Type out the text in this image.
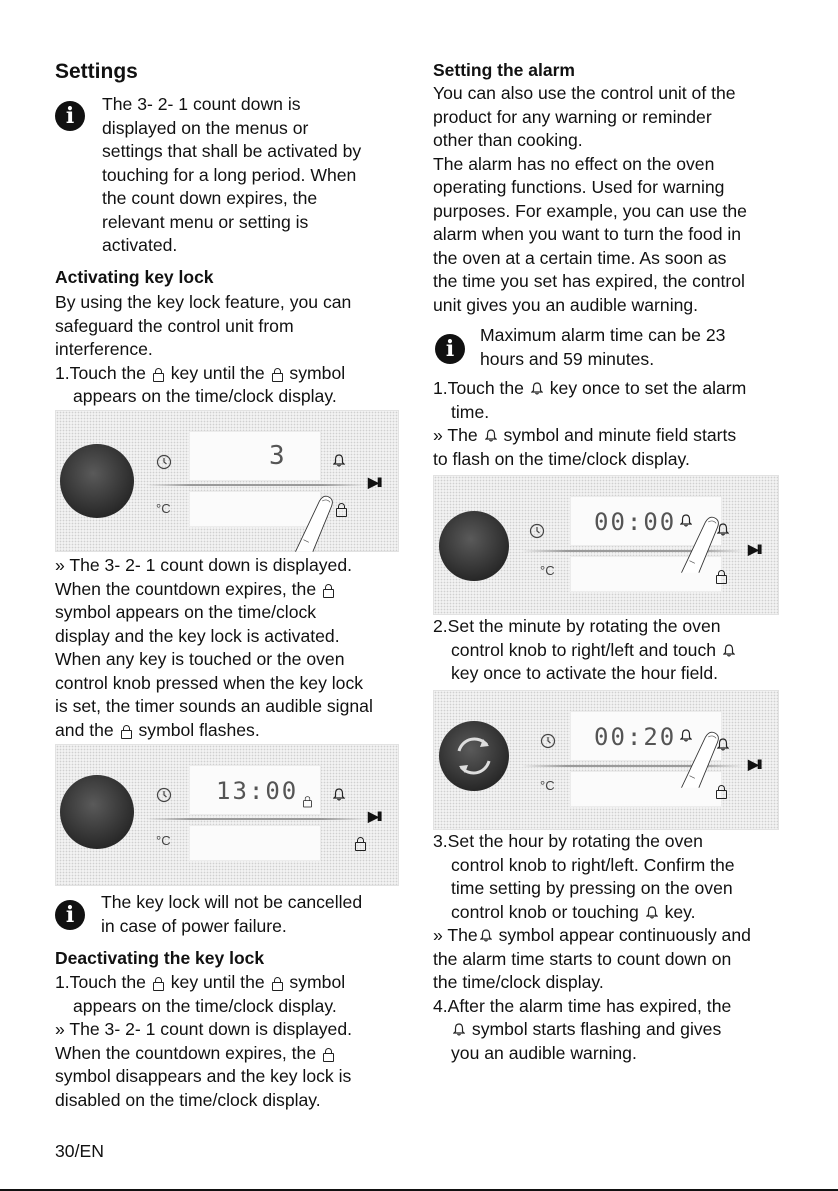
Settings
i	The 3- 2- 1 count down is
displayed on the menus or
settings that shall be activated by
touching for a long period. When
the count down expires, the
relevant menu or setting is
activated.
Activating key lock
By using the key lock feature, you can
safeguard the control unit from
interference.
1.Touch the key until the symbol
appears on the time/clock display.
3
▶II
°C
» The 3- 2- 1 count down is displayed.
When the countdown expires, the
symbol appears on the time/clock
display and the key lock is activated.
When any key is touched or the oven
control knob pressed when the key lock
is set, the timer sounds an audible signal
and the symbol flashes.
13:00

▶II
°C
i	The key lock will not be cancelled
in case of power failure.
Deactivating the key lock
1.Touch the key until the symbol
appears on the time/clock display.
» The 3- 2- 1 count down is displayed.
When the countdown expires, the
symbol disappears and the key lock is
disabled on the time/clock display.
Setting the alarm
You can also use the control unit of the
product for any warning or reminder
other than cooking.
The alarm has no effect on the oven
operating functions. Used for warning
purposes. For example, you can use the
alarm when you want to turn the food in
the oven at a certain time. As soon as
the time you set has expired, the control
unit gives you an audible warning.
i
Maximum alarm time can be 23
hours and 59 minutes.
1.Touch the key once to set the alarm
time.
» The symbol and minute field starts
to flash on the time/clock display.
00:00
▶II
°C
2.Set the minute by rotating the oven
control knob to right/left and touch
key once to activate the hour field.
00:20
▶II
°C
3.Set the hour by rotating the oven
control knob to right/left. Confirm the
time setting by pressing on the oven
control knob or touching key.
» The symbol appear continuously and
the alarm time starts to count down on
the time/clock display.
4.After the alarm time has expired, the
symbol starts flashing and gives
you an audible warning.
30/EN
